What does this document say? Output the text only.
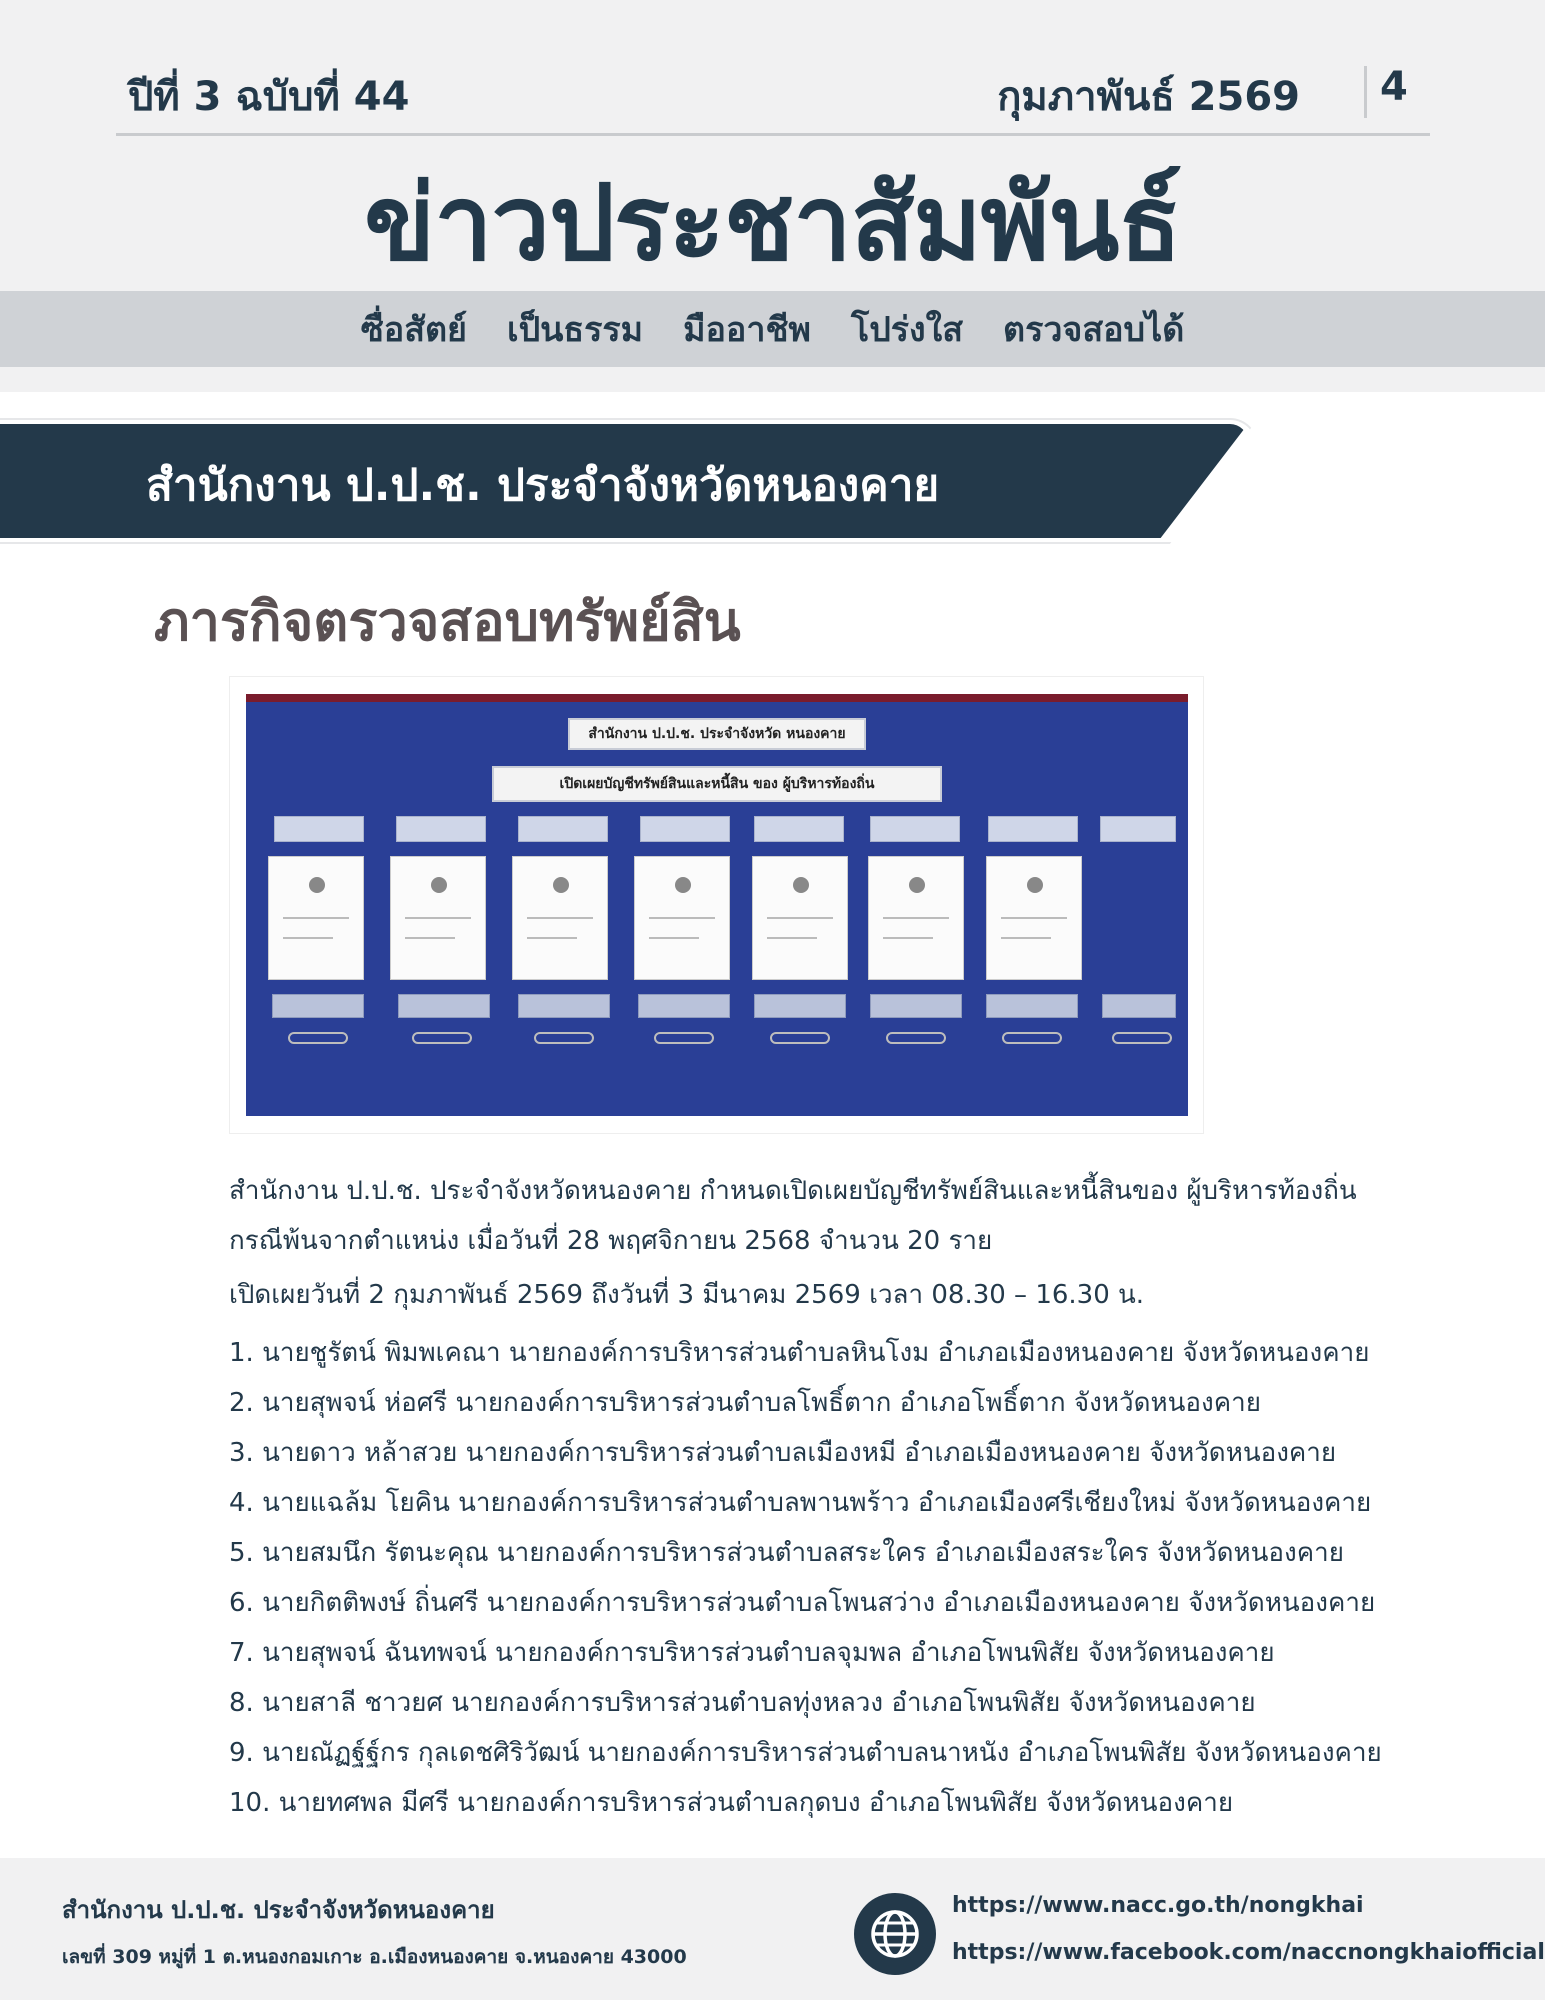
ปีที่ 3 ฉบับที่ 44	กุมภาพันธ์ 2569 4
ข่าวประชาสัมพันธ์
ซื่อสัตย์ เป็นธรรม มืออาชีพ โปร่งใส ตรวจสอบได้
สำนักงาน ป.ป.ช. ประจำจังหวัดหนองคาย
ภารกิจตรวจสอบทรัพย์สิน
สำนักงาน ป.ป.ช. ประจำจังหวัด หนองคาย
เปิดเผยบัญชีทรัพย์สินและหนี้สิน ของ ผู้บริหารท้องถิ่น
สำนักงาน ป.ป.ช. ประจำจังหวัดหนองคาย กำหนดเปิดเผยบัญชีทรัพย์สินและหนี้สินของ ผู้บริหารท้องถิ่น กรณีพ้นจากตำแหน่ง เมื่อวันที่ 28 พฤศจิกายน 2568 จำนวน 20 ราย
เปิดเผยวันที่ 2 กุมภาพันธ์ 2569 ถึงวันที่ 3 มีนาคม 2569 เวลา 08.30 – 16.30 น.
1. นายชูรัตน์ พิมพเคณา นายกองค์การบริหารส่วนตำบลหินโงม อำเภอเมืองหนองคาย จังหวัดหนองคาย
2. นายสุพจน์ ห่อศรี นายกองค์การบริหารส่วนตำบลโพธิ์ตาก อำเภอโพธิ์ตาก จังหวัดหนองคาย
3. นายดาว หล้าสวย นายกองค์การบริหารส่วนตำบลเมืองหมี อำเภอเมืองหนองคาย จังหวัดหนองคาย
4. นายแฉล้ม โยคิน นายกองค์การบริหารส่วนตำบลพานพร้าว อำเภอเมืองศรีเชียงใหม่ จังหวัดหนองคาย
5. นายสมนึก รัตนะคุณ นายกองค์การบริหารส่วนตำบลสระใคร อำเภอเมืองสระใคร จังหวัดหนองคาย
6. นายกิตติพงษ์ ถิ่นศรี นายกองค์การบริหารส่วนตำบลโพนสว่าง อำเภอเมืองหนองคาย จังหวัดหนองคาย
7. นายสุพจน์ ฉันทพจน์ นายกองค์การบริหารส่วนตำบลจุมพล อำเภอโพนพิสัย จังหวัดหนองคาย
8. นายสาลี ชาวยศ นายกองค์การบริหารส่วนตำบลทุ่งหลวง อำเภอโพนพิสัย จังหวัดหนองคาย
9. นายณัฏฐ์ฐ์กร กุลเดชศิริวัฒน์ นายกองค์การบริหารส่วนตำบลนาหนัง อำเภอโพนพิสัย จังหวัดหนองคาย
10. นายทศพล มีศรี นายกองค์การบริหารส่วนตำบลกุดบง อำเภอโพนพิสัย จังหวัดหนองคาย
สำนักงาน ป.ป.ช. ประจำจังหวัดหนองคาย
เลขที่ 309 หมู่ที่ 1 ต.หนองกอมเกาะ อ.เมืองหนองคาย จ.หนองคาย 43000
https://www.nacc.go.th/nongkhai
https://www.facebook.com/naccnongkhaiofficial
